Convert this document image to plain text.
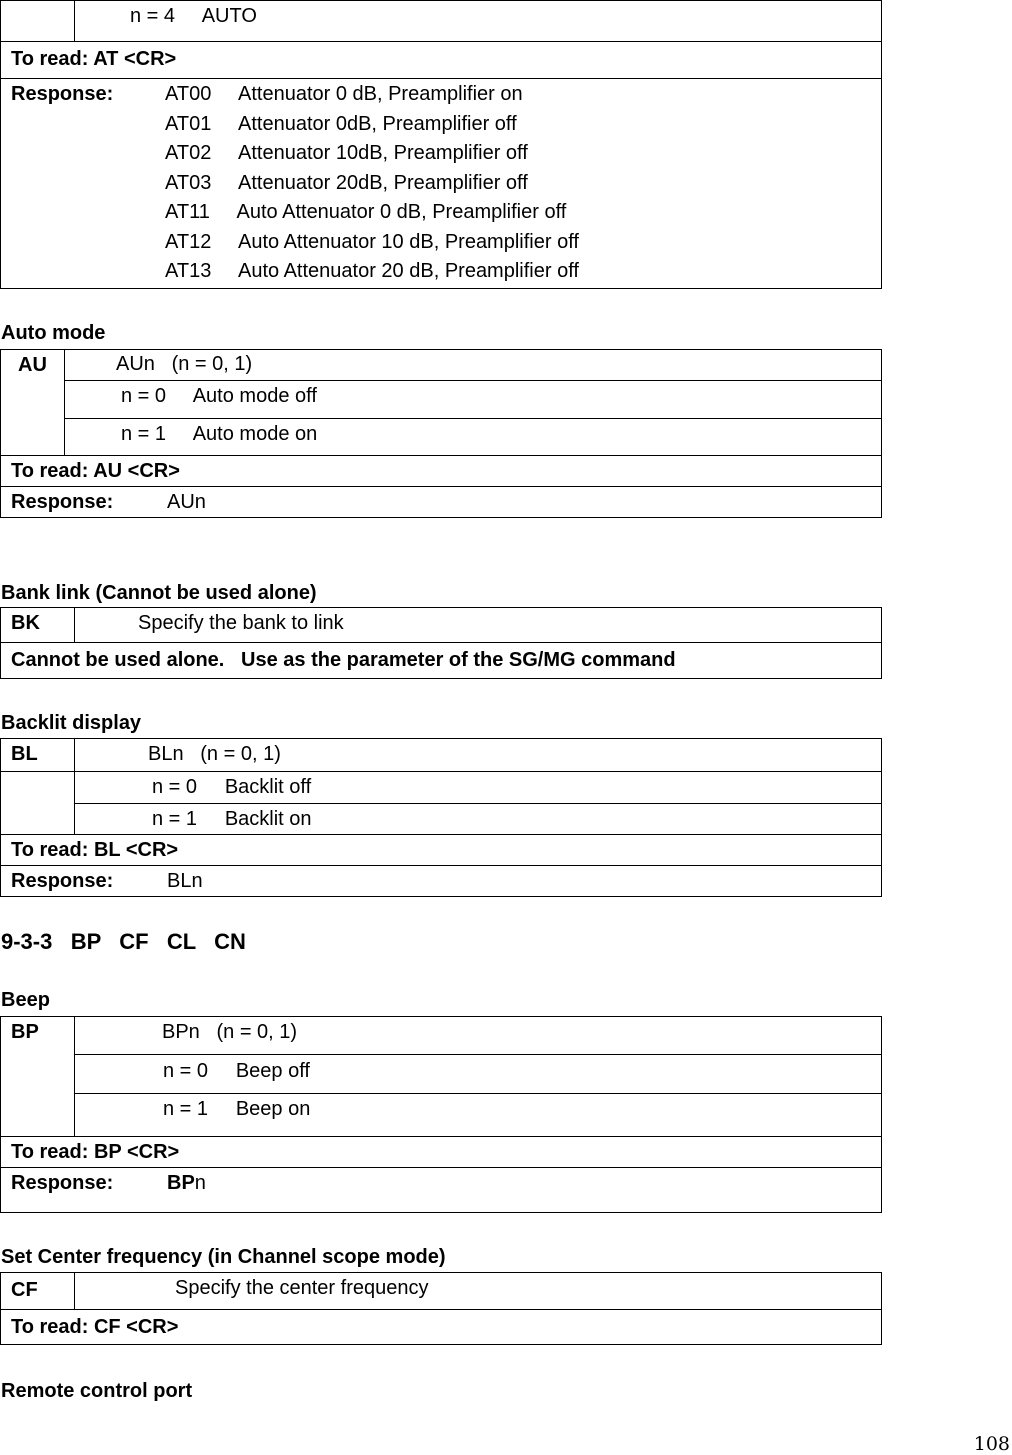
	n = 4     AUTO
To read: AT <CR>

Response:	AT00     Attenuator 0 dB, Preamplifier on
AT01     Attenuator 0dB, Preamplifier off
AT02     Attenuator 10dB, Preamplifier off
AT03     Attenuator 20dB, Preamplifier off
AT11     Auto Attenuator 0 dB, Preamplifier off
AT12     Auto Attenuator 10 dB, Preamplifier off
AT13     Auto Attenuator 20 dB, Preamplifier off
Auto mode
AU	AUn   (n = 0, 1)
n = 0     Auto mode off
n = 1     Auto mode on
To read: AU <CR>
Response:	AUn
Bank link (Cannot be used alone)
BK	Specify the bank to link
Cannot be used alone.   Use as the parameter of the SG/MG command
Backlit display
BL	BLn   (n = 0, 1)
	n = 0     Backlit off
	n = 1     Backlit on
To read: BL <CR>	
Response: BLn	
9-3-3   BP   CF   CL   CN
Beep
BP	BPn   (n = 0, 1)
n = 0     Beep off
n = 1     Beep on
To read: BP <CR>
Response:	BPn
Set Center frequency (in Channel scope mode)
CF	Specify the center frequency
To read: CF <CR>
Remote control port
108
